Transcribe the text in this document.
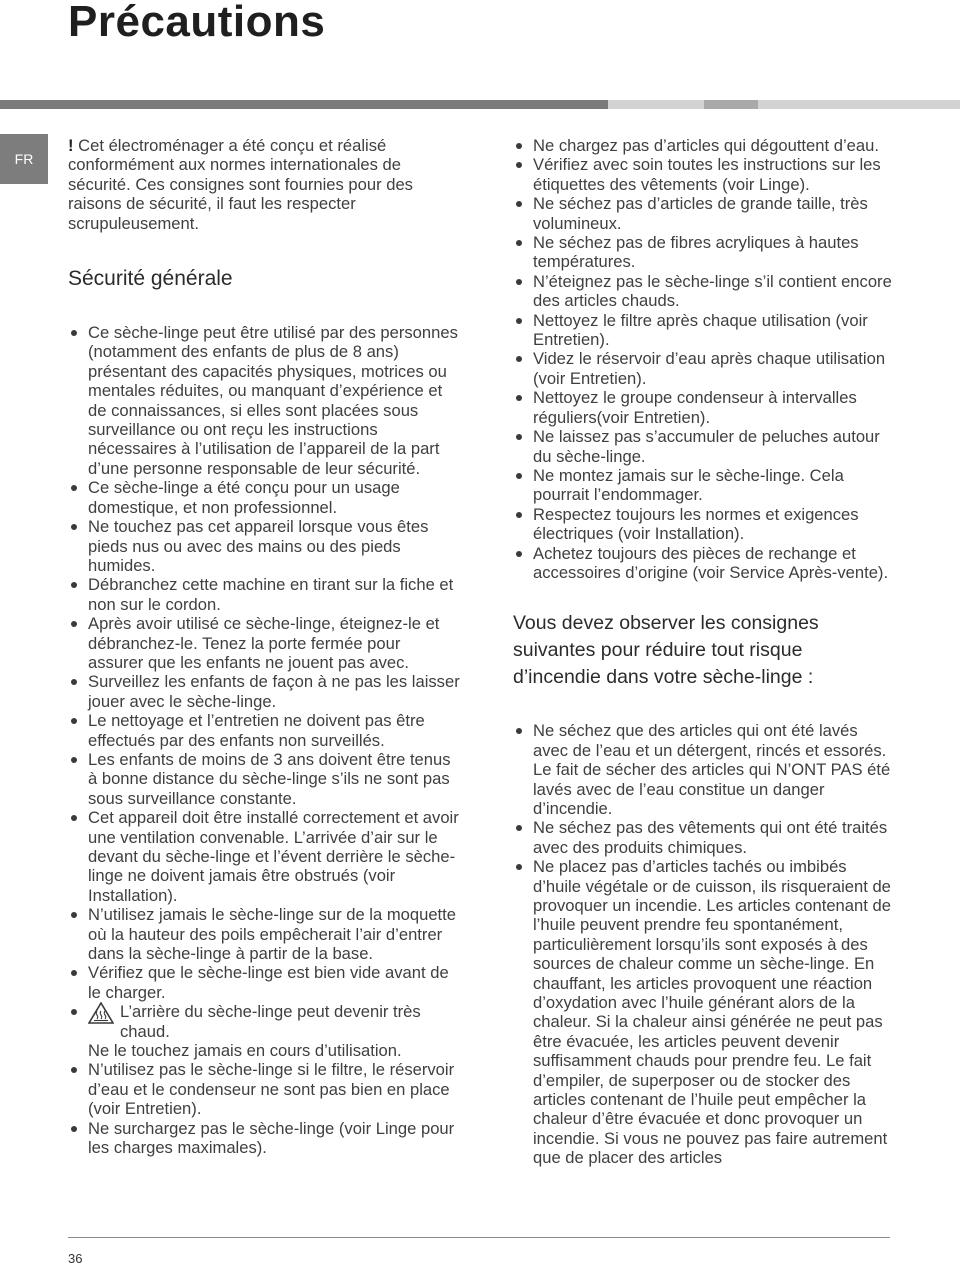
Précautions
FR

! Cet électroménager a été conçu et réalisé conformément aux normes internationales de sécurité. Ces consignes sont fournies pour des raisons de sécurité, il faut les respecter scrupuleusement.

Sécurité générale
Ce sèche-linge peut être utilisé par des personnes (notamment des enfants de plus de 8 ans) présentant des capacités physiques, motrices ou mentales réduites, ou manquant d’expérience et de connaissances, si elles sont placées sous surveillance ou ont reçu les instructions nécessaires à l’utilisation de l’appareil de la part d’une personne responsable de leur sécurité.
Ce sèche-linge a été conçu pour un usage domestique, et non professionnel.
Ne touchez pas cet appareil lorsque vous êtes pieds nus ou avec des mains ou des pieds humides.
Débranchez cette machine en tirant sur la fiche et non sur le cordon.
Après avoir utilisé ce sèche-linge, éteignez-le et débranchez-le. Tenez la porte fermée pour assurer que les enfants ne jouent pas avec.
Surveillez les enfants de façon à ne pas les laisser jouer avec le sèche-linge.
Le nettoyage et l’entretien ne doivent pas être effectués par des enfants non surveillés.
Les enfants de moins de 3 ans doivent être tenus à bonne distance du sèche-linge s’ils ne sont pas sous surveillance constante.
Cet appareil doit être installé correctement et avoir une ventilation convenable. L’arrivée d’air sur le devant du sèche-linge et l’évent derrière le sèche-linge ne doivent jamais être obstrués (voir Installation).
N’utilisez jamais le sèche-linge sur de la moquette où la hauteur des poils empêcherait l’air d’entrer dans la sèche-linge à partir de la base.
Vérifiez que le sèche-linge est bien vide avant de le charger.
L’arrière du sèche-linge peut devenir très chaud.
Ne le touchez jamais en cours d’utilisation.
N’utilisez pas le sèche-linge si le filtre, le réservoir d’eau et le condenseur ne sont pas bien en place (voir Entretien).
Ne surchargez pas le sèche-linge (voir Linge pour les charges maximales).
Ne chargez pas d’articles qui dégouttent d’eau.
Vérifiez avec soin toutes les instructions sur les étiquettes des vêtements (voir Linge).
Ne séchez pas d’articles de grande taille, très volumineux.
Ne séchez pas de fibres acryliques à hautes températures.
N’éteignez pas le sèche-linge s’il contient encore des articles chauds.
Nettoyez le filtre après chaque utilisation (voir Entretien).
Videz le réservoir d’eau après chaque utilisation (voir Entretien).
Nettoyez le groupe condenseur à intervalles réguliers(voir Entretien).
Ne laissez pas s’accumuler de peluches autour du sèche-linge.
Ne montez jamais sur le sèche-linge. Cela pourrait l’endommager.
Respectez toujours les normes et exigences électriques (voir Installation).
Achetez toujours des pièces de rechange et accessoires d’origine (voir Service Après-vente).
Vous devez observer les consignes suivantes pour réduire tout risque d’incendie dans votre sèche-linge :
Ne séchez que des articles qui ont été lavés avec de l’eau et un détergent, rincés et essorés. Le fait de sécher des articles qui N’ONT PAS été lavés avec de l’eau constitue un danger d’incendie.
Ne séchez pas des vêtements qui ont été traités avec des produits chimiques.
Ne placez pas d’articles tachés ou imbibés d’huile végétale or de cuisson, ils risqueraient de provoquer un incendie. Les articles contenant de l’huile peuvent prendre feu spontanément, particulièrement lorsqu’ils sont exposés à des sources de chaleur comme un sèche-linge. En chauffant, les articles provoquent une réaction d’oxydation avec l’huile générant alors de la chaleur. Si la chaleur ainsi générée ne peut pas être évacuée, les articles peuvent devenir suffisamment chauds pour prendre feu. Le fait d’empiler, de superposer ou de stocker des articles contenant de l’huile peut empêcher la chaleur d’être évacuée et donc provoquer un incendie. Si vous ne pouvez pas faire autrement que de placer des articles
36
